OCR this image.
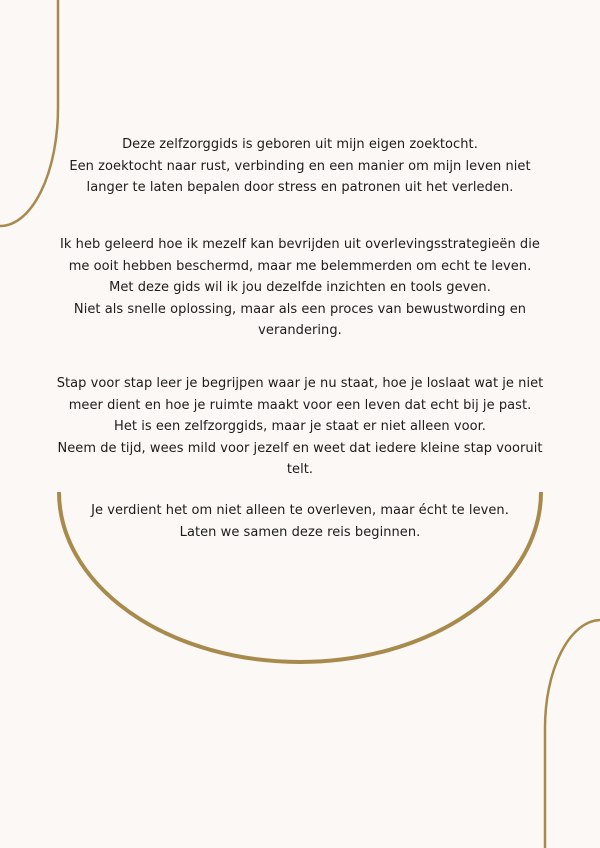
Deze zelfzorggids is geboren uit mijn eigen zoektocht.
Een zoektocht naar rust, verbinding en een manier om mijn leven niet
langer te laten bepalen door stress en patronen uit het verleden.
Ik heb geleerd hoe ik mezelf kan bevrijden uit overlevingsstrategieën die
me ooit hebben beschermd, maar me belemmerden om echt te leven.
Met deze gids wil ik jou dezelfde inzichten en tools geven.
Niet als snelle oplossing, maar als een proces van bewustwording en
verandering.
Stap voor stap leer je begrijpen waar je nu staat, hoe je loslaat wat je niet
meer dient en hoe je ruimte maakt voor een leven dat echt bij je past.
Het is een zelfzorggids, maar je staat er niet alleen voor.
Neem de tijd, wees mild voor jezelf en weet dat iedere kleine stap vooruit
telt.
Je verdient het om niet alleen te overleven, maar écht te leven.
Laten we samen deze reis beginnen.
